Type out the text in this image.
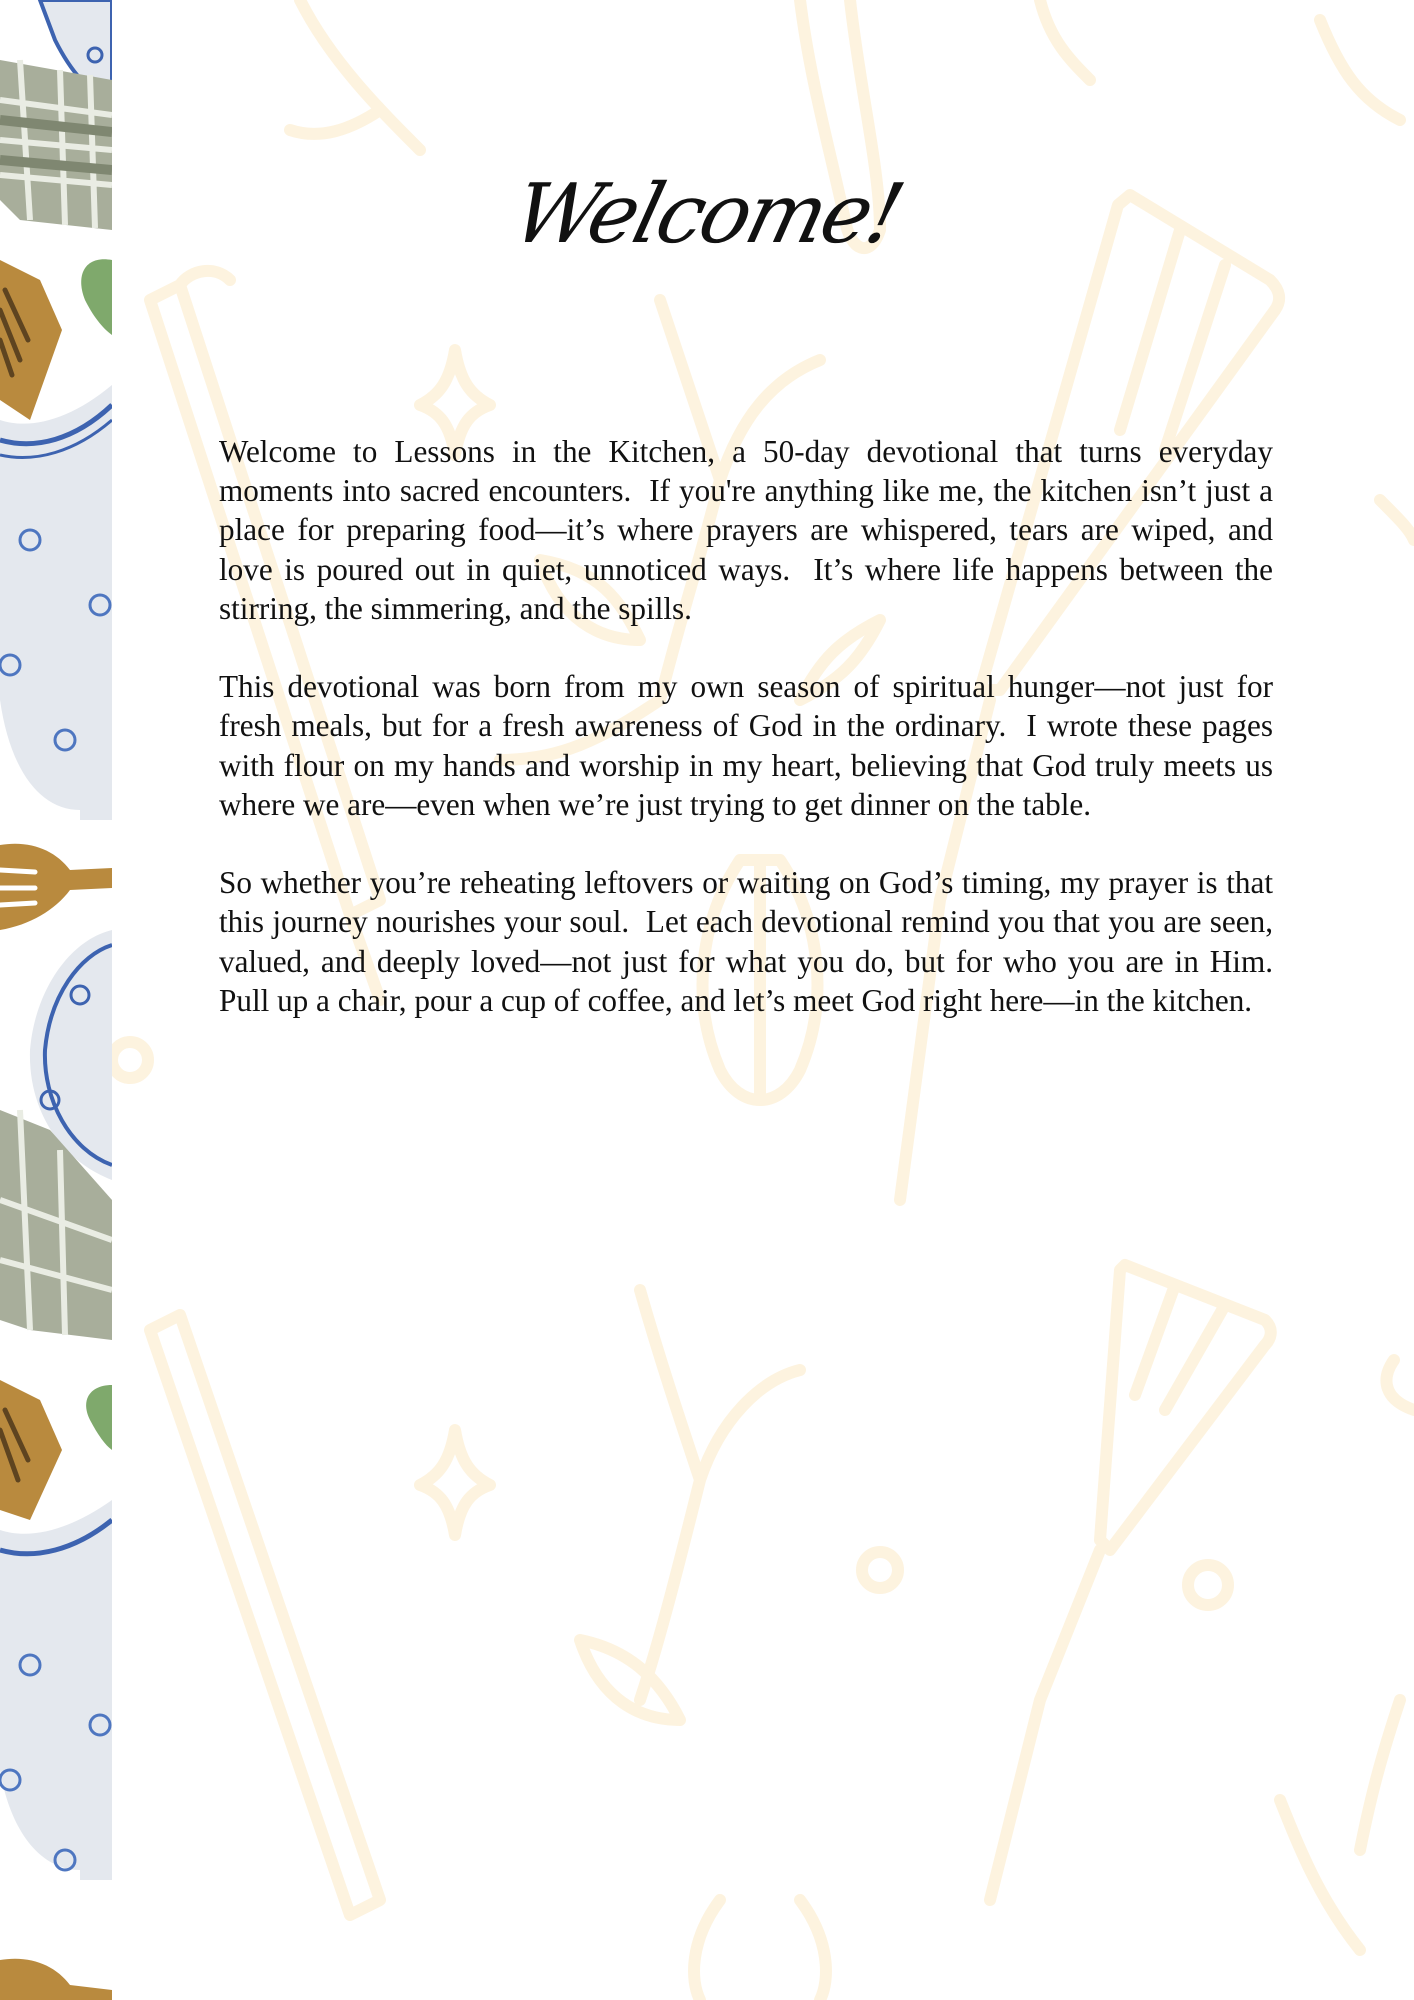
Welcome!

Welcome to Lessons in the Kitchen, a 50-day devotional that turns everyday moments into sacred encounters.  If you're anything like me, the kitchen isn’t just a place for preparing food—it’s where prayers are whispered, tears are wiped, and love is poured out in quiet, unnoticed ways.  It’s where life happens between the stirring, the simmering, and the spills.

This devotional was born from my own season of spiritual hunger—not just for fresh meals, but for a fresh awareness of God in the ordinary.  I wrote these pages with flour on my hands and worship in my heart, believing that God truly meets us where we are—even when we’re just trying to get dinner on the table.

So whether you’re reheating leftovers or waiting on God’s timing, my prayer is that this journey nourishes your soul.  Let each devotional remind you that you are seen, valued, and deeply loved—not just for what you do, but for who you are in Him.  Pull up a chair, pour a cup of coffee, and let’s meet God right here—in the kitchen.
